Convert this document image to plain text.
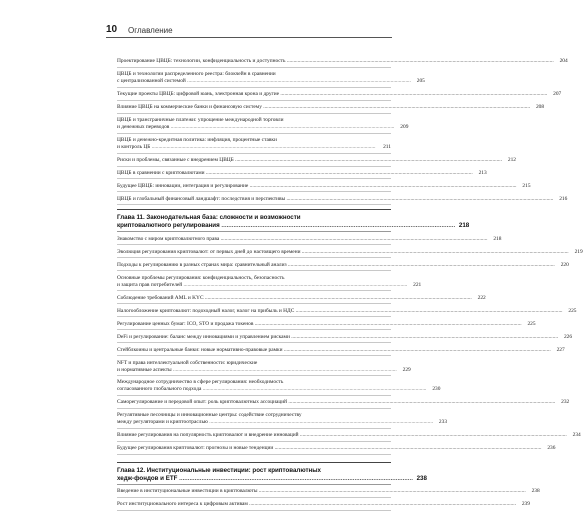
10	Оглавление
Проектирование ЦВЦБ: технологии, конфиденциальность и доступность .....	204
ЦВЦБ и технологии распределенного реестра: блокчейн в сравнении
с централизованной системой ......................................................................................................................................................................	205
Текущие проекты ЦВЦБ: цифровой юань, электронная крона и другие .....	207
Влияние ЦВЦБ на коммерческие банки и финансовую систему .....	208
ЦВЦБ и трансграничные платежи: упрощение международной торговли
и денежных переводов ......................................................................................................................................................................	209
ЦВЦБ и денежно-кредитная политика: инфляция, процентные ставки
и контроль ЦБ ......................................................................................................................................................................	211
Риски и проблемы, связанные с внедрением ЦВЦБ .....	212
ЦВЦБ в сравнении с криптовалютами .....	213
Будущее ЦВЦБ: инновации, интеграция и регулирование .....	215
ЦВЦБ и глобальный финансовый ландшафт: последствия и перспективы .....	216
Глава 11. Законодательная база: сложности и возможности
криптовалютного регулирования ........................................................................................................................................ 218
Знакомство с миром криптовалютного права .....	218
Эволюция регулирования криптовалют: от первых дней до настоящего времени .....	219
Подходы к регулированию в разных странах мира: сравнительный анализ .....	220
Основные проблемы регулирования: конфиденциальность, безопасность
и защита прав потребителей ......................................................................................................................................................................	221
Соблюдение требований AML и KYC .....	222
Налогообложение криптовалют: подоходный налог, налог на прибыль и НДС .....	225
Регулирование ценных бумаг: ICO, STO и продажа токенов .....	225
DeFi и регулирование: баланс между инновациями и управлением рисками .....	226
Стейблкоины и центральные банки: новые нормативно-правовые рамки .....	227
NFT и права интеллектуальной собственности: юридические
и нормативные аспекты ......................................................................................................................................................................	229
Международное сотрудничество в сфере регулирования: необходимость
согласованного глобального подхода ......................................................................................................................................................................	230
Саморегулирование и передовой опыт: роль криптовалютных ассоциаций .....	232
Регулятивные песочницы и инновационные центры: содействие сотрудничеству
между регуляторами и криптоотраслью ......................................................................................................................................................................	233
Влияние регулирования на популярность криптовалют и внедрение инноваций .....	234
Будущее регулирования криптовалют: прогнозы и новые тенденции .....	236
Глава 12. Институциональные инвестиции: рост криптовалютных
хедж-фондов и ETF ........................................................................................................................................ 238
Введение в институциональные инвестиции в криптовалюты .....	238
Рост институционального интереса к цифровым активам .....	239
